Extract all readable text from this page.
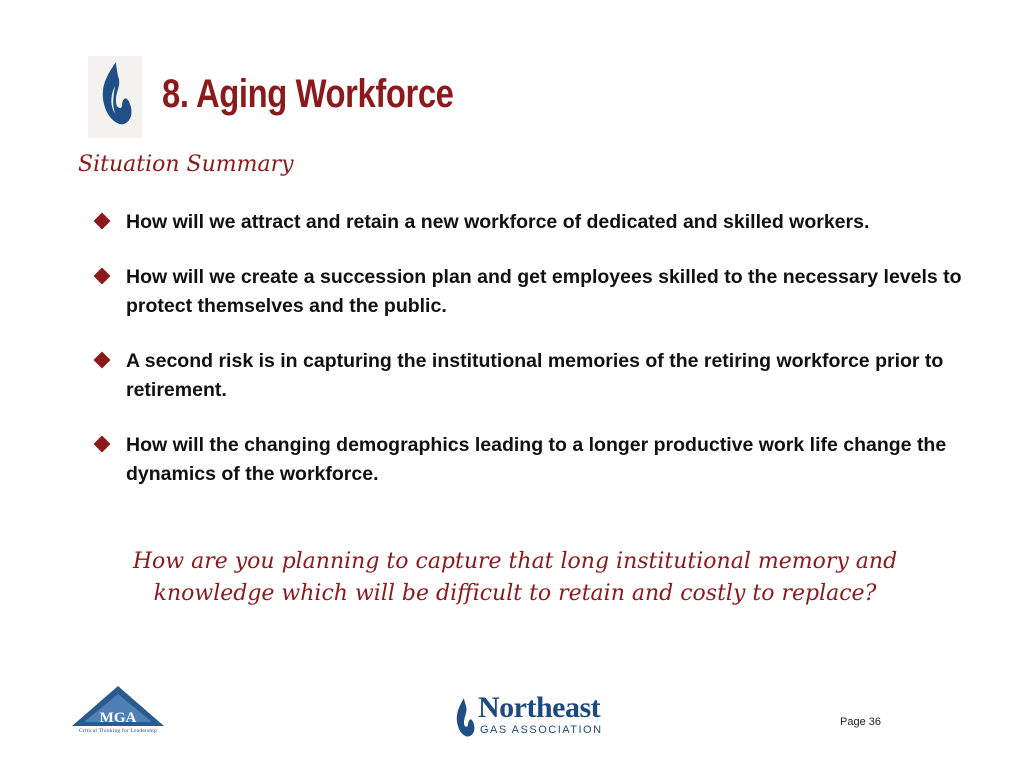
8. Aging Workforce
Situation Summary
How will we attract and retain a new workforce of dedicated and skilled workers.
How will we create a succession plan and get employees skilled to the necessary levels to protect themselves and the public.
A second risk is in capturing the institutional memories of the retiring workforce prior to retirement.
How will the changing demographics leading to a longer productive work life change the dynamics of the workforce.
How are you planning to capture that long institutional memory and knowledge which will be difficult to retain and costly to replace?
MGA
Critical Thinking for Leadership
Northeast
GAS ASSOCIATION
Page 36
